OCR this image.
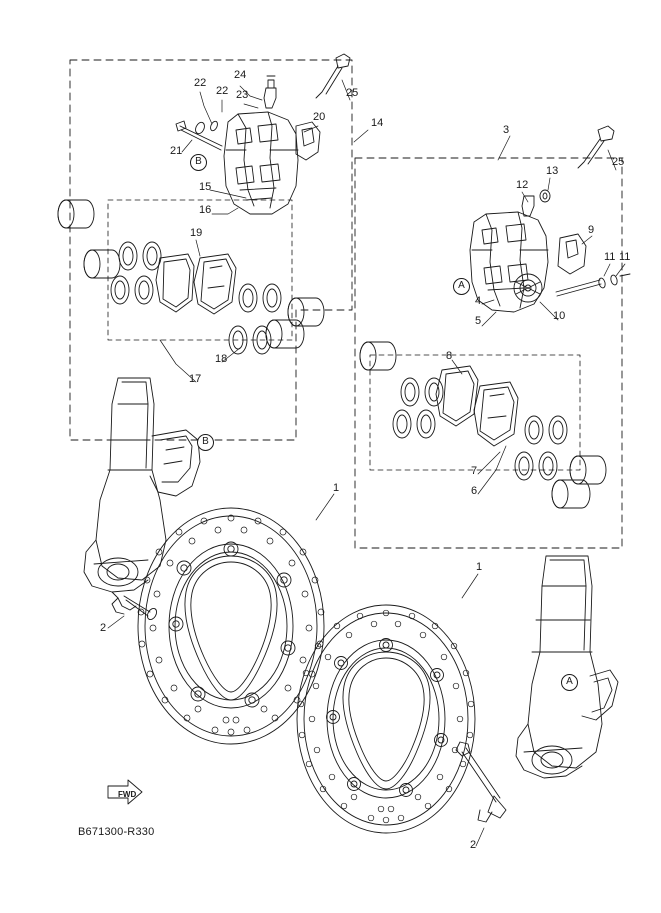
22
24
22 23	25
20	14
21
3
25
12
13
15
16
9
19
11 11
4
10
5
18	8
17
7
6
1
1
2
2
B
A
B
A
FWD
B671300-R330
